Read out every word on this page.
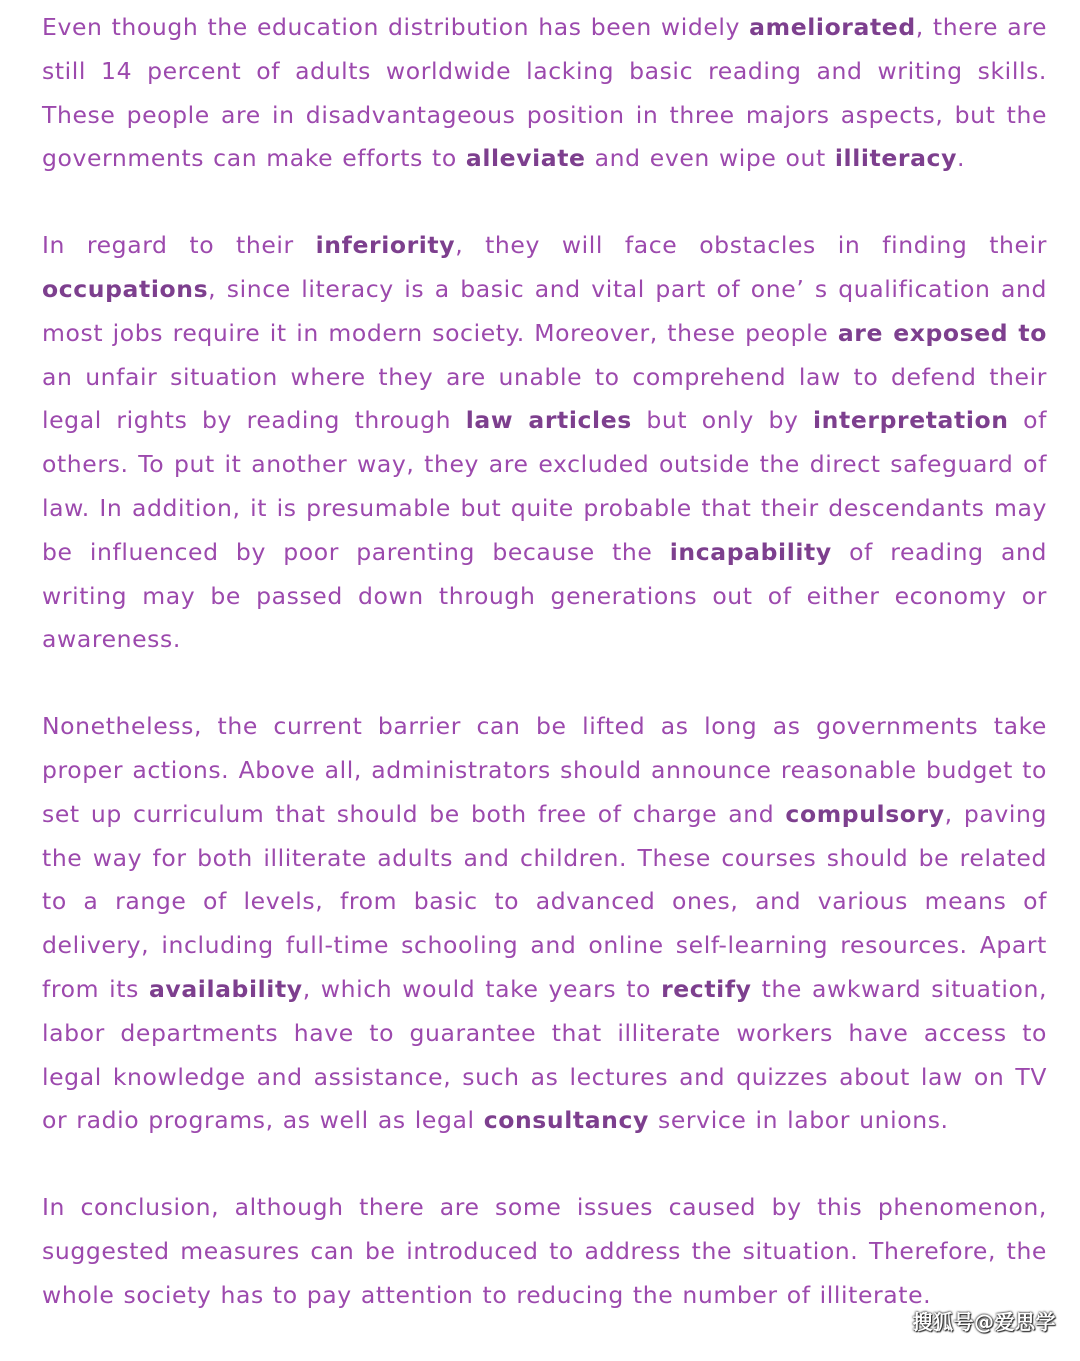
Even though the education distribution has been widely ameliorated, there are still 14 percent of adults worldwide lacking basic reading and writing skills. These people are in disadvantageous position in three majors aspects, but the governments can make efforts to alleviate and even wipe out illiteracy.

In regard to their inferiority, they will face obstacles in finding their occupations, since literacy is a basic and vital part of one’ s qualification and most jobs require it in modern society. Moreover, these people are exposed to an unfair situation where they are unable to comprehend law to defend their legal rights by reading through law articles but only by interpretation of others. To put it another way, they are excluded outside the direct safeguard of law. In addition, it is presumable but quite probable that their descendants may be influenced by poor parenting because the incapability of reading and writing may be passed down through generations out of either economy or awareness.

Nonetheless, the current barrier can be lifted as long as governments take proper actions. Above all, administrators should announce reasonable budget to set up curriculum that should be both free of charge and compulsory, paving the way for both illiterate adults and children. These courses should be related to a range of levels, from basic to advanced ones, and various means of delivery, including full-time schooling and online self-learning resources. Apart from its availability, which would take years to rectify the awkward situation, labor departments have to guarantee that illiterate workers have access to legal knowledge and assistance, such as lectures and quizzes about law on TV or radio programs, as well as legal consultancy service in labor unions.

In conclusion, although there are some issues caused by this phenomenon, suggested measures can be introduced to address the situation. Therefore, the whole society has to pay attention to reducing the number of illiterate.

搜狐号@爱思学
